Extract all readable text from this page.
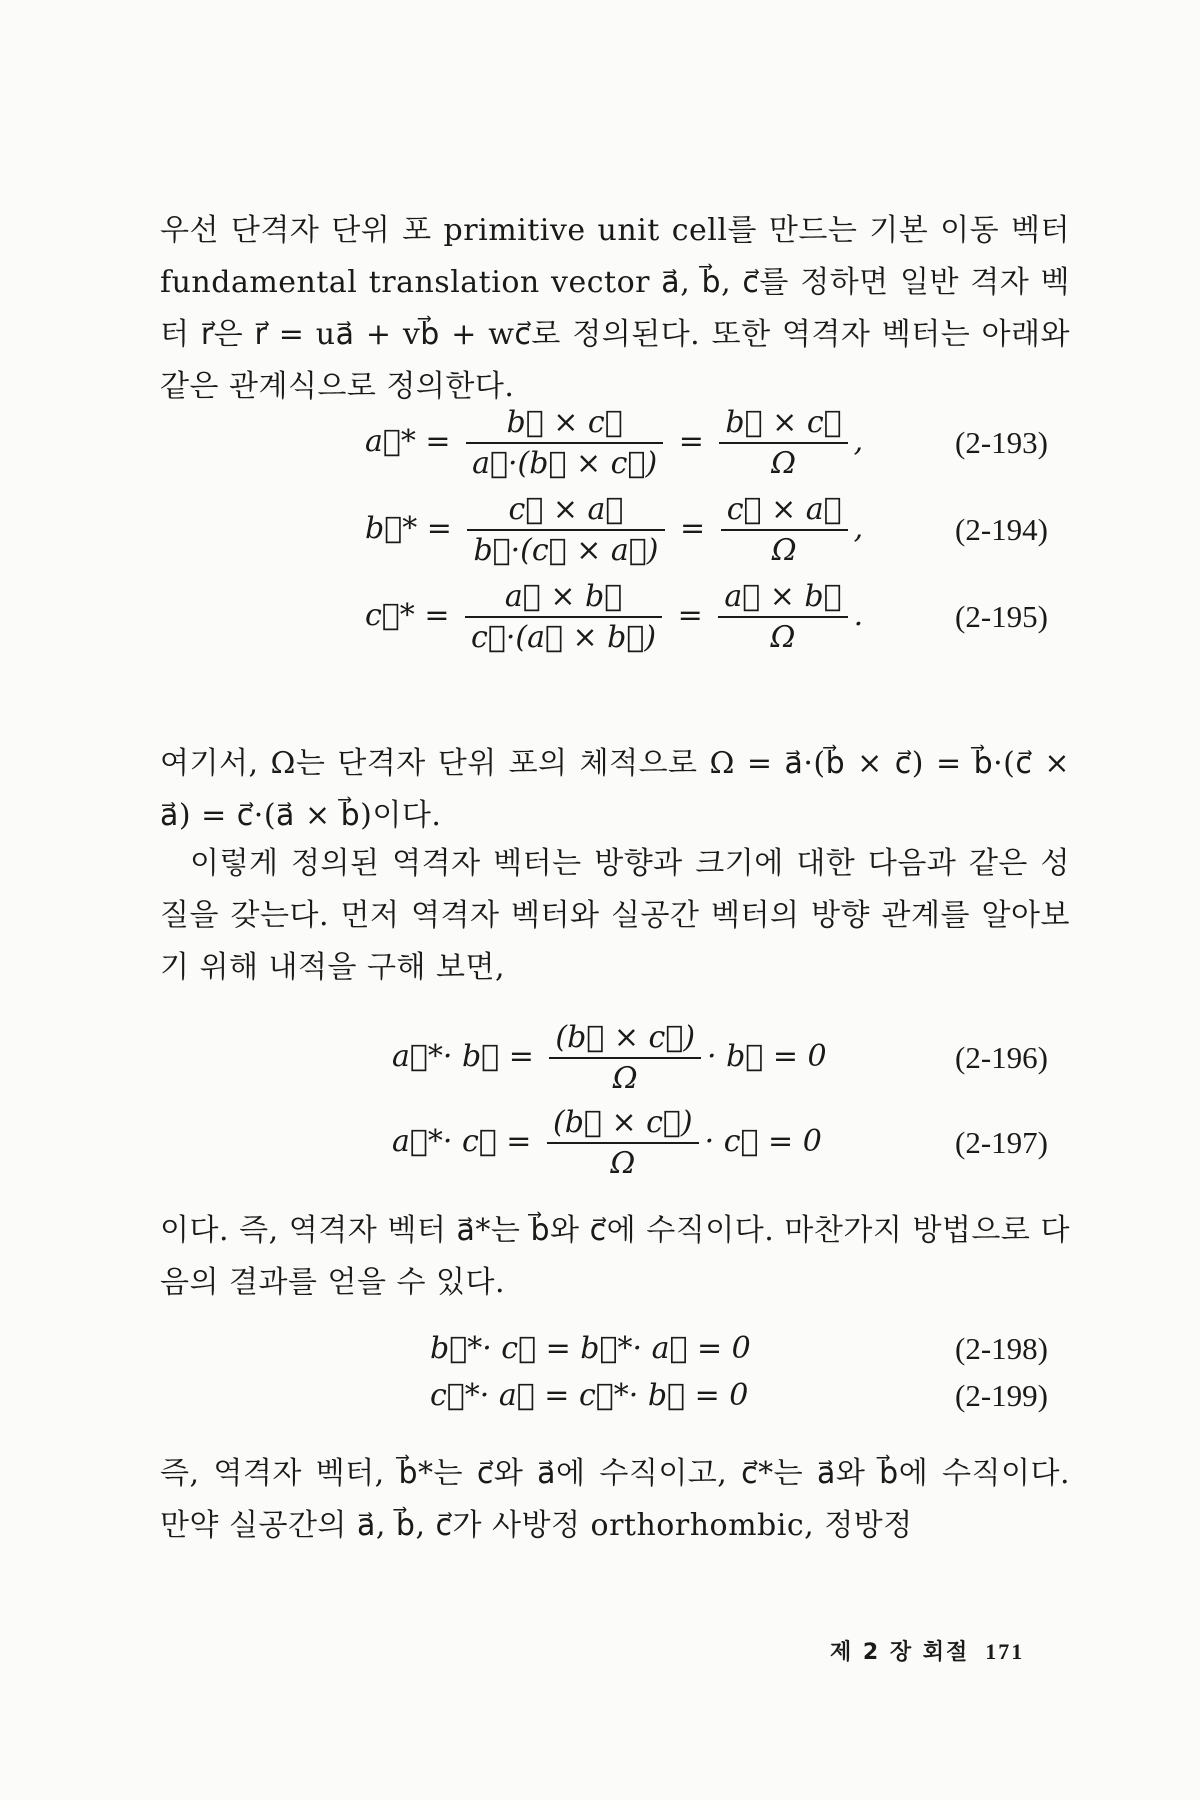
우선 단격자 단위 포 primitive unit cell를 만드는 기본 이동 벡터 fundamental translation vector a⃗, b⃗, c⃗를 정하면 일반 격자 벡터 r⃗은 r⃗ = ua⃗ + vb⃗ + wc⃗로 정의된다. 또한 역격자 벡터는 아래와 같은 관계식으로 정의한다.

a⃗* = $\frac{b⃗ \times c⃗}{a⃗\cdot(b⃗ \times c⃗)} = \frac{b⃗ \times c⃗}{\Omega}$ ,	(2-193)
b⃗* = $\frac{c⃗ \times a⃗}{b⃗\cdot(c⃗ \times a⃗)} = \frac{c⃗ \times a⃗}{\Omega}$ ,	(2-194)
c⃗* = $\frac{a⃗ \times b⃗}{c⃗\cdot(a⃗ \times b⃗)} = \frac{a⃗ \times b⃗}{\Omega}$ .	(2-195)

여기서, Ω는 단격자 단위 포의 체적으로 Ω = a⃗·(b⃗ × c⃗) = b⃗·(c⃗ × a⃗) = c⃗·(a⃗ × b⃗)이다.

이렇게 정의된 역격자 벡터는 방향과 크기에 대한 다음과 같은 성질을 갖는다. 먼저 역격자 벡터와 실공간 벡터의 방향 관계를 알아보기 위해 내적을 구해 보면,

a⃗*· b⃗ = $\frac{(b⃗ \times c⃗)}{\Omega}$ · b⃗ = 0	(2-196)
a⃗*· c⃗ = $\frac{(b⃗ \times c⃗)}{\Omega}$ · c⃗ = 0	(2-197)

이다. 즉, 역격자 벡터 a⃗*는 b⃗와 c⃗에 수직이다. 마찬가지 방법으로 다음의 결과를 얻을 수 있다.

b⃗*· c⃗ = b⃗*· a⃗ = 0	(2-198)
c⃗*· a⃗ = c⃗*· b⃗ = 0	(2-199)

즉, 역격자 벡터, b⃗*는 c⃗와 a⃗에 수직이고, c⃗*는 a⃗와 b⃗에 수직이다. 만약 실공간의 a⃗, b⃗, c⃗가 사방정 orthorhombic, 정방정

제 2 장 회절 171
